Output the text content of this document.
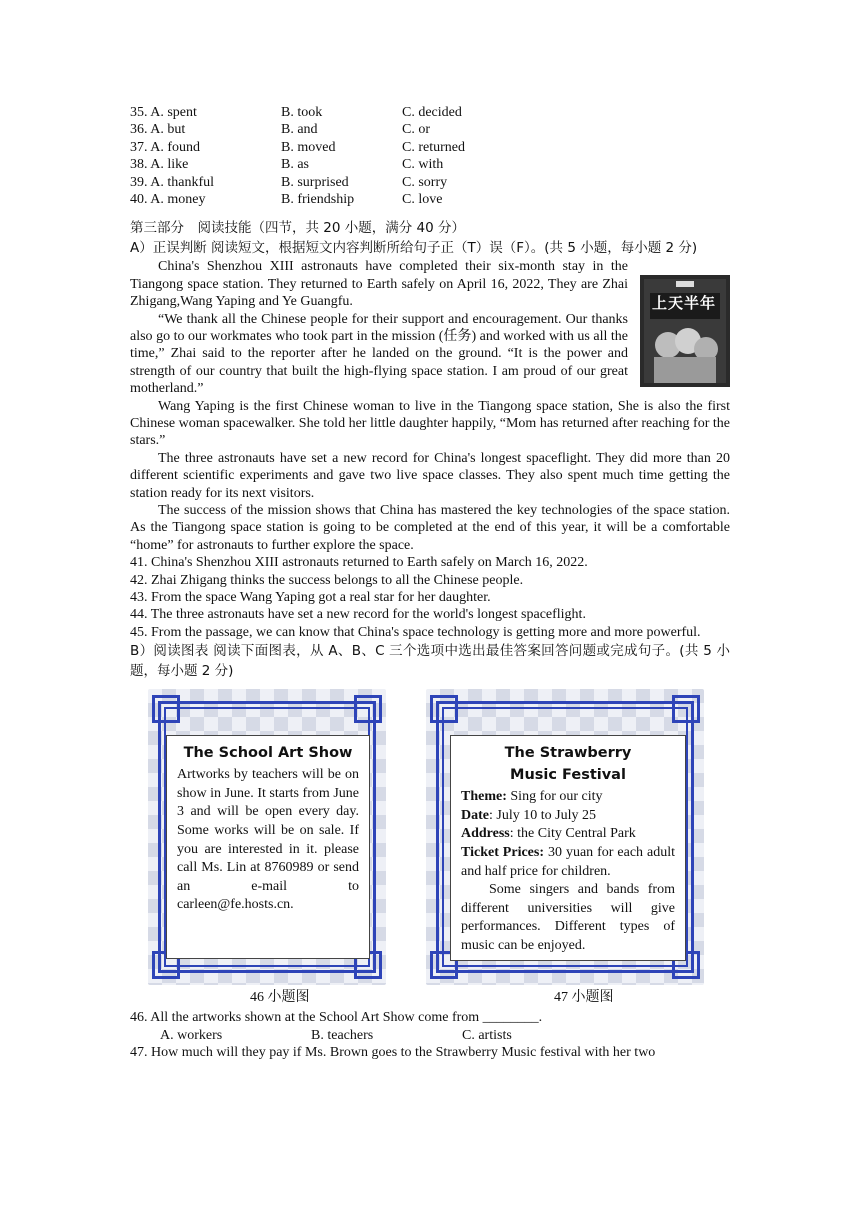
35. A. spent	B. took	C. decided
36. A. but	B. and	C. or
37. A. found	B. moved	C. returned
38. A. like	B. as	C. with
39. A. thankful	B. surprised	C. sorry
40. A. money	B. friendship	C. love
第三部分　阅读技能（四节，共 20 小题，满分 40 分）
A）正误判断 阅读短文，根据短文内容判断所给句子正（T）误（F）。(共 5 小题，每小题 2 分)
上天半年

China's Shenzhou XIII astronauts have completed their six-month stay in the Tiangong space station. They returned to Earth safely on April 16, 2022, They are Zhai Zhigang,Wang Yaping and Ye Guangfu.

“We thank all the Chinese people for their support and encouragement. Our thanks also go to our workmates who took part in the mission (任务) and worked with us all the time,” Zhai said to the reporter after he landed on the ground. “It is the power and strength of our country that built the high-flying space station. I am proud of our great motherland.”

Wang Yaping is the first Chinese woman to live in the Tiangong space station, She is also the first Chinese woman spacewalker. She told her little daughter happily, “Mom has returned after reaching for the stars.”

The three astronauts have set a new record for China's longest spaceflight. They did more than 20 different scientific experiments and gave two live space classes. They also spent much time getting the station ready for its next visitors.

The success of the mission shows that China has mastered the key technologies of the space station. As the Tiangong space station is going to be completed at the end of this year, it will be a comfortable “home” for astronauts to further explore the space.

41. China's Shenzhou XIII astronauts returned to Earth safely on March 16, 2022.

42. Zhai Zhigang thinks the success belongs to all the Chinese people.

43. From the space Wang Yaping got a real star for her daughter.

44. The three astronauts have set a new record for the world's longest spaceflight.

45. From the passage, we can know that China's space technology is getting more and more powerful.

B）阅读图表 阅读下面图表，从 A、B、C 三个选项中选出最佳答案回答问题或完成句子。(共 5 小题，每小题 2 分)
The School Art Show
Artworks by teachers will be on show in June. It starts from June 3 and will be open every day. Some works will be on sale. If you are interested in it. please call Ms. Lin at 8760989 or send an e-mail to carleen@fe.hosts.cn.
46 小题图
The Strawberry
Music Festival
Theme: Sing for our city
Date: July 10 to July 25
Address: the City Central Park
Ticket Prices: 30 yuan for each adult and half price for children.
Some singers and bands from different universities will give performances. Different types of music can be enjoyed.
47 小题图

46. All the artworks shown at the School Art Show come from ________.

A. workers	B. teachers	C. artists

47. How much will they pay if Ms. Brown goes to the Strawberry Music festival with her two
